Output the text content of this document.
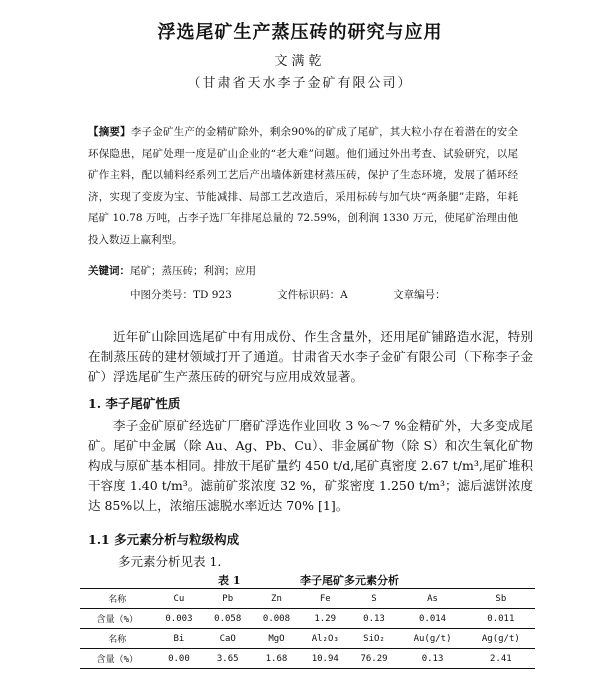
浮选尾矿生产蒸压砖的研究与应用
文满乾
（甘肃省天水李子金矿有限公司）
【摘要】李子金矿生产的金精矿除外，剩余90%的矿成了尾矿，其大粒小存在着潜在的安全环保隐患，尾矿处理一度是矿山企业的“老大难”问题。他们通过外出考查、试验研究，以尾矿作主料，配以辅料经系列工艺后产出墙体新建材蒸压砖，保护了生态环境，发展了循环经济，实现了变废为宝、节能减排、局部工艺改造后，采用标砖与加气块“两条腿”走路，年耗尾矿 10.78 万吨，占李子选厂年排尾总量的 72.59%，创利润 1330 万元，使尾矿治理由他投入数迈上赢利型。
关键词：尾矿；蒸压砖；利润；应用
中图分类号：TD 923	文件标识码：A	文章编号：
近年矿山除回选尾矿中有用成份、作生含量外，还用尾矿铺路造水泥，特别在制蒸压砖的建材领域打开了通道。甘肃省天水李子金矿有限公司（下称李子金矿）浮选尾矿生产蒸压砖的研究与应用成效显著。
1. 李子尾矿性质
李子金矿原矿经选矿厂磨矿浮选作业回收 3 %～7 %金精矿外，大多变成尾矿。尾矿中金属（除 Au、Ag、Pb、Cu）、非金属矿物（除 S）和次生氧化矿物构成与原矿基本相同。排放干尾矿量约 450 t/d,尾矿真密度 2.67 t/m³,尾矿堆积干容度 1.40 t/m³。滤前矿浆浓度 32 %，矿浆密度 1.250 t/m³；滤后滤饼浓度达 85%以上，浓缩压滤脱水率近达 70% [1]。
1.1 多元素分析与粒级构成
多元素分析见表 1.
表 1	李子尾矿多元素分析
名称	Cu	Pb	Zn	Fe	S	As	Sb
含量（%）	0.003	0.058	0.008	1.29	0.13	0.014	0.011
名称	Bi	CaO	MgO	Al₂O₃	SiO₂	Au(g/t)	Ag(g/t)
含量（%）	0.00	3.65	1.68	10.94	76.29	0.13	2.41
